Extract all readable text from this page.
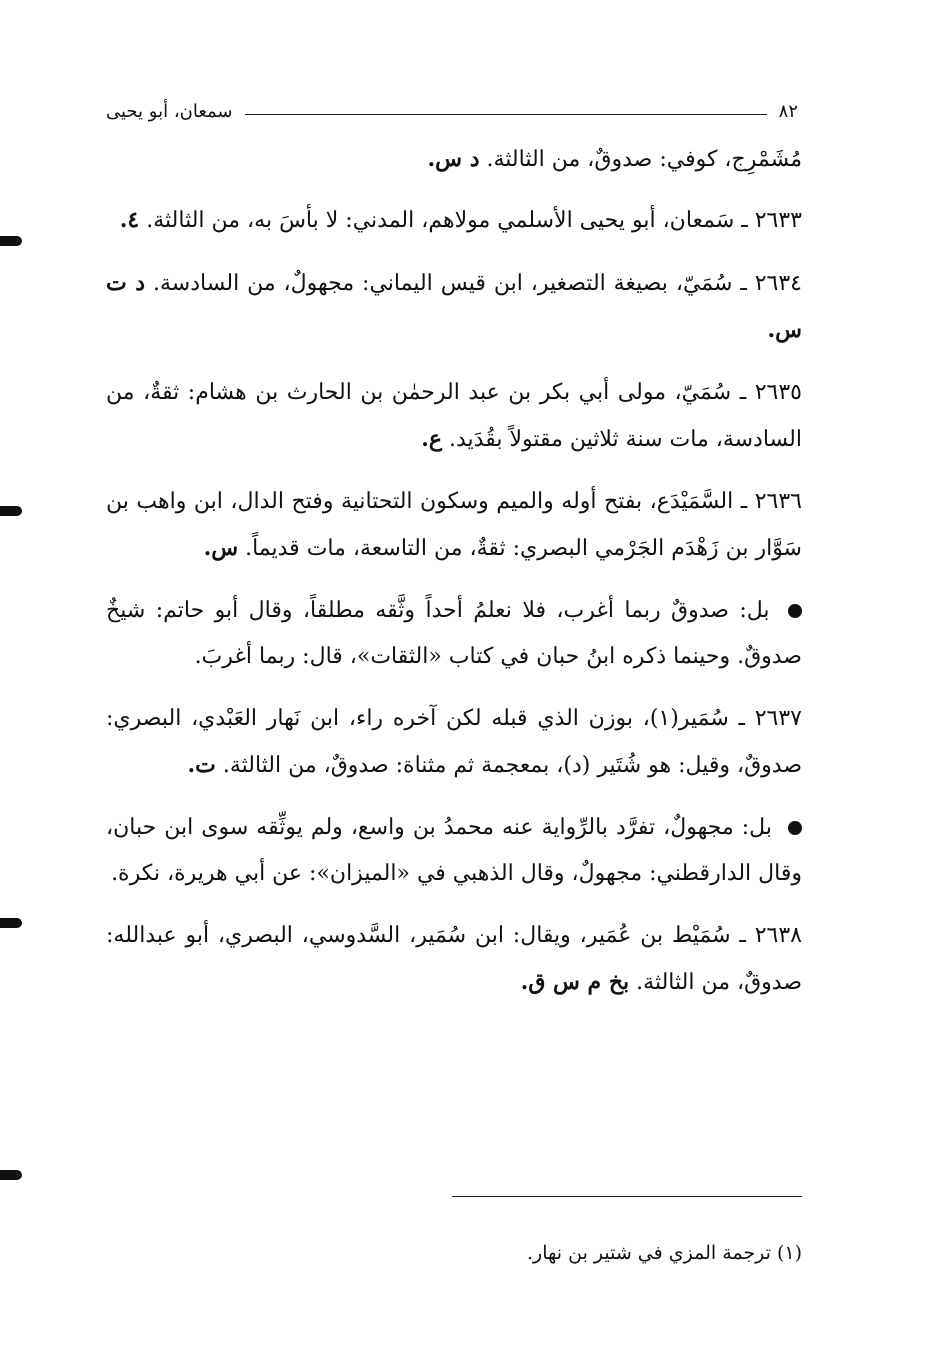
٨٢
سمعان، أبو يحيى

مُشَمْرِج، كوفي: صدوقٌ، من الثالثة. د س.

٢٦٣٣ ـ سَمعان، أبو يحيى الأسلمي مولاهم، المدني: لا بأسَ به، من الثالثة. ٤.

٢٦٣٤ ـ سُمَيّ، بصيغة التصغير، ابن قيس اليماني: مجهولٌ، من السادسة. د ت س.

٢٦٣٥ ـ سُمَيّ، مولى أبي بكر بن عبد الرحمٰن بن الحارث بن هشام: ثقةٌ، من السادسة، مات سنة ثلاثين مقتولاً بقُدَيد. ع.

٢٦٣٦ ـ السَّمَيْدَع، بفتح أوله والميم وسكون التحتانية وفتح الدال، ابن واهب بن سَوَّار بن زَهْدَم الجَرْمي البصري: ثقةٌ، من التاسعة، مات قديماً. س.

بل: صدوقٌ ربما أغرب، فلا نعلمُ أحداً وثَّقه مطلقاً، وقال أبو حاتم: شيخٌ صدوقٌ. وحينما ذكره ابنُ حبان في كتاب «الثقات»، قال: ربما أغربَ.

٢٦٣٧ ـ سُمَير(١)، بوزن الذي قبله لكن آخره راء، ابن نَهار العَبْدي، البصري: صدوقٌ، وقيل: هو شُتَير (د)، بمعجمة ثم مثناة: صدوقٌ، من الثالثة. ت.

بل: مجهولٌ، تفرَّد بالرِّواية عنه محمدُ بن واسع، ولم يوثِّقه سوى ابن حبان، وقال الدارقطني: مجهولٌ، وقال الذهبي في «الميزان»: عن أبي هريرة، نكرة.

٢٦٣٨ ـ سُمَيْط بن عُمَير، ويقال: ابن سُمَير، السَّدوسي، البصري، أبو عبدالله: صدوقٌ، من الثالثة. بخ م س ق.

(١) ترجمة المزي في شتير بن نهار.
